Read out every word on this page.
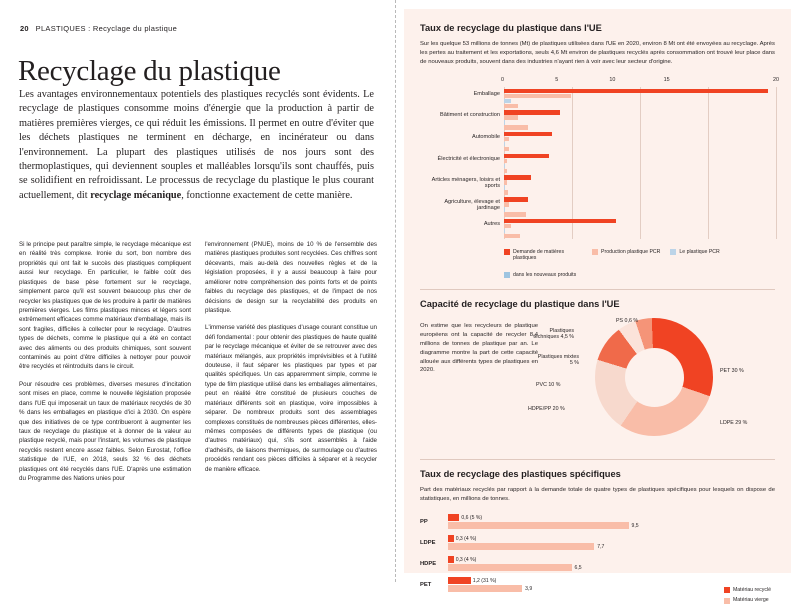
20 PLASTIQUES : Recyclage du plastique
Recyclage du plastique
Les avantages environnementaux potentiels des plastiques recyclés sont évidents. Le recyclage de plastiques consomme moins d'énergie que la production à partir de matières premières vierges, ce qui réduit les émissions. Il permet en outre d'éviter que les déchets plastiques ne terminent en décharge, en incinérateur ou dans l'environnement. La plupart des plastiques utilisés de nos jours sont des thermoplastiques, qui deviennent souples et malléables lorsqu'ils sont chauffés, puis se solidifient en refroidissant. Le processus de recyclage du plastique le plus courant actuellement, dit recyclage mécanique, fonctionne exactement de cette manière.

Si le principe peut paraître simple, le recyclage mécanique est en réalité très complexe. Ironie du sort, bon nombre des propriétés qui ont fait le succès des plastiques compliquent aussi leur recyclage. En particulier, le faible coût des plastiques de base pèse fortement sur le recyclage, simplement parce qu'il est souvent beaucoup plus cher de recycler les plastiques que de les produire à partir de matières premières vierges. Les films plastiques minces et légers sont extrêmement efficaces comme matériaux d'emballage, mais ils sont fragiles, difficiles à collecter pour le recyclage. D'autres types de déchets, comme le plastique qui a été en contact avec des aliments ou des produits chimiques, sont souvent contaminés au point d'être difficiles à nettoyer pour pouvoir être recyclés et réintroduits dans le circuit.

Pour résoudre ces problèmes, diverses mesures d'incitation sont mises en place, comme le nouvelle législation proposée dans l'UE qui imposerait un taux de matériaux recyclés de 30 % dans les emballages en plastique d'ici à 2030. On espère que des initiatives de ce type contribueront à augmenter les taux de recyclage du plastique et à donner de la valeur au plastique recyclé, mais pour l'instant, les volumes de plastique recyclés restent encore assez faibles. Selon Eurostat, l'office statistique de l'UE, en 2018, seuls 32 % des déchets plastiques ont été recyclés dans l'UE. D'après une estimation du Programme des Nations unies pour

l'environnement (PNUE), moins de 10 % de l'ensemble des matières plastiques produites sont recyclées. Ces chiffres sont décevants, mais au-delà des nouvelles règles et de la législation proposées, il y a aussi beaucoup à faire pour améliorer notre compréhension des points forts et de points faibles du recyclage des plastiques, et de l'impact de nos décisions de design sur la recyclabilité des produits en plastique.

L'immense variété des plastiques d'usage courant constitue un défi fondamental : pour obtenir des plastiques de haute qualité par le recyclage mécanique et éviter de se retrouver avec des matériaux mélangés, aux propriétés imprévisibles et à l'utilité douteuse, il faut séparer les plastiques par types et par qualités spécifiques. Un cas apparemment simple, comme le type de film plastique utilisé dans les emballages alimentaires, peut en réalité être constitué de plusieurs couches de matériaux différents soit en plastique, voire impossibles à séparer. De nombreux produits sont des assemblages complexes constitués de nombreuses pièces différentes, elles-mêmes composées de différents types de plastique (ou d'autres matériaux) qui, s'ils sont assemblés à l'aide d'adhésifs, de liaisons thermiques, de surmoulage ou d'autres procédés rendant ces pièces difficiles à séparer et à recycler de manière efficace.

Taux de recyclage du plastique dans l'UE
Sur les quelque 53 millions de tonnes (Mt) de plastiques utilisées dans l'UE en 2020, environ 8 Mt ont été envoyées au recyclage. Après les pertes au traitement et les exportations, seuls 4,6 Mt environ de plastiques recyclés après consommation ont trouvé leur place dans de nouveaux produits, souvent dans des industries n'ayant rien à voir avec leur secteur d'origine.
0	5	10	15	20
Emballage
Bâtiment et construction
Automobile
Électricité et électronique
Articles ménagers, loisirs et sports
Agriculture, élevage et jardinage
Autres
Demande de matières plastiques
Production plastique PCR	Le plastique PCR
dans les nouveaux produits
Capacité de recyclage du plastique dans l'UE
On estime que les recycleurs de plastique européens ont la capacité de recycler 8,4 millions de tonnes de plastique par an. Le diagramme montre la part de cette capacité allouée aux différents types de plastiques en 2020.	PET 30 %
LDPE 29 %
HDPE/PP 20 %
PVC 10 %
Plastiques mixtes 5 %
Plastiques techniques 4,5 %
PS 0,6 %
Taux de recyclage des plastiques spécifiques
Part des matériaux recyclés par rapport à la demande totale de quatre types de plastiques spécifiques pour lesquels on dispose de statistiques, en millions de tonnes.
Matériau recyclé
Matériau vierge
PP
0,6 (5 %)
9,5
LDPE
0,3 (4 %)
7,7
HDPE
0,3 (4 %)
6,5
PET
1,2 (31 %)
3,9
